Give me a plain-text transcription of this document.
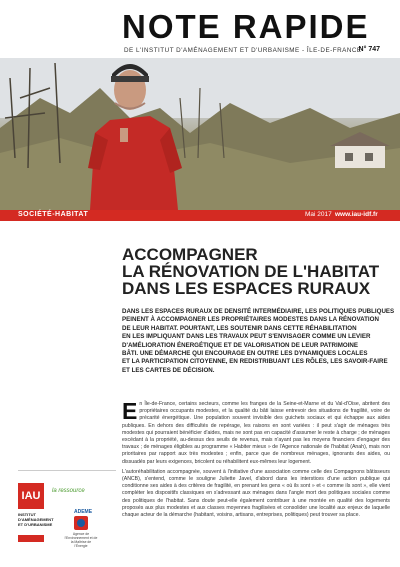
NOTE RAPIDE
DE L'INSTITUT D'AMÉNAGEMENT ET D'URBANISME - ÎLE-DE-FRANCE
N° 747
SOCIÉTÉ-HABITAT	Mai 2017 www.iau-idf.fr
ACCOMPAGNER
LA RÉNOVATION DE L'HABITAT
DANS LES ESPACES RURAUX
DANS LES ESPACES RURAUX DE DENSITÉ INTERMÉDIAIRE, LES POLITIQUES PUBLIQUES
PEINENT À ACCOMPAGNER LES PROPRIÉTAIRES MODESTES DANS LA RÉNOVATION
DE LEUR HABITAT. POURTANT, LES SOUTENIR DANS CETTE RÉHABILITATION
EN LES IMPLIQUANT DANS LES TRAVAUX PEUT S'ENVISAGER COMME UN LEVIER
D'AMÉLIORATION ÉNERGÉTIQUE ET DE VALORISATION DE LEUR PATRIMOINE
BÂTI. UNE DÉMARCHE QUI ENCOURAGE EN OUTRE LES DYNAMIQUES LOCALES
ET LA PARTICIPATION CITOYENNE, EN REDISTRIBUANT LES RÔLES, LES SAVOIR-FAIRE
ET LES CARTES DE DÉCISION.

En Île-de-France, certains secteurs, comme les franges de la Seine-et-Marne et du Val-d'Oise, abritent des propriétaires occupants modestes, et la qualité du bâti laisse entrevoir des situations de fragilité, voire de précarité énergétique. Une population souvent invisible des guichets sociaux et qui échappe aux aides publiques. En dehors des difficultés de repérage, les raisons en sont variées : il peut s'agir de ménages très modestes qui pourraient bénéficier d'aides, mais ne sont pas en capacité d'assumer le reste à charge ; de ménages excédant à la propriété, au-dessus des seuils de revenus, mais n'ayant pas les moyens financiers d'engager des travaux ; de ménages éligibles au programme « Habiter mieux » de l'Agence nationale de l'habitat (Anah), mais non prioritaires par rapport aux très modestes ; enfin, parce que de nombreux ménages, ignorants des aides, ou dissuadés par leurs exigences, bricolent ou réhabilitent eux-mêmes leur logement.

L'autoréhabilitation accompagnée, souvent à l'initiative d'une association comme celle des Compagnons bâtisseurs (ANCB), s'entend, comme le souligne Juliette Javel, d'abord dans les interstices d'une action publique qui conditionne ses aides à des critères de fragilité, en prenant les gens « où ils sont » et « comme ils sont », elle vient compléter les dispositifs classiques en s'adressant aux ménages dans l'angle mort des politiques sociales comme des politiques de l'habitat. Sans doute peut-elle également contribuer à une montée en qualité des logements proposés aux plus modestes et aux classes moyennes fragilisées et consolider une localité aux enjeux de laquelle chaque acteur de la démarche (habitant, voisins, artisans, entreprises, politiques) peut trouver sa place.

IAU
INSTITUT D'AMÉNAGEMENT ET D'URBANISME
la ressource
ADEME
Agence de l'Environnement et de la Maîtrise de l'Énergie
